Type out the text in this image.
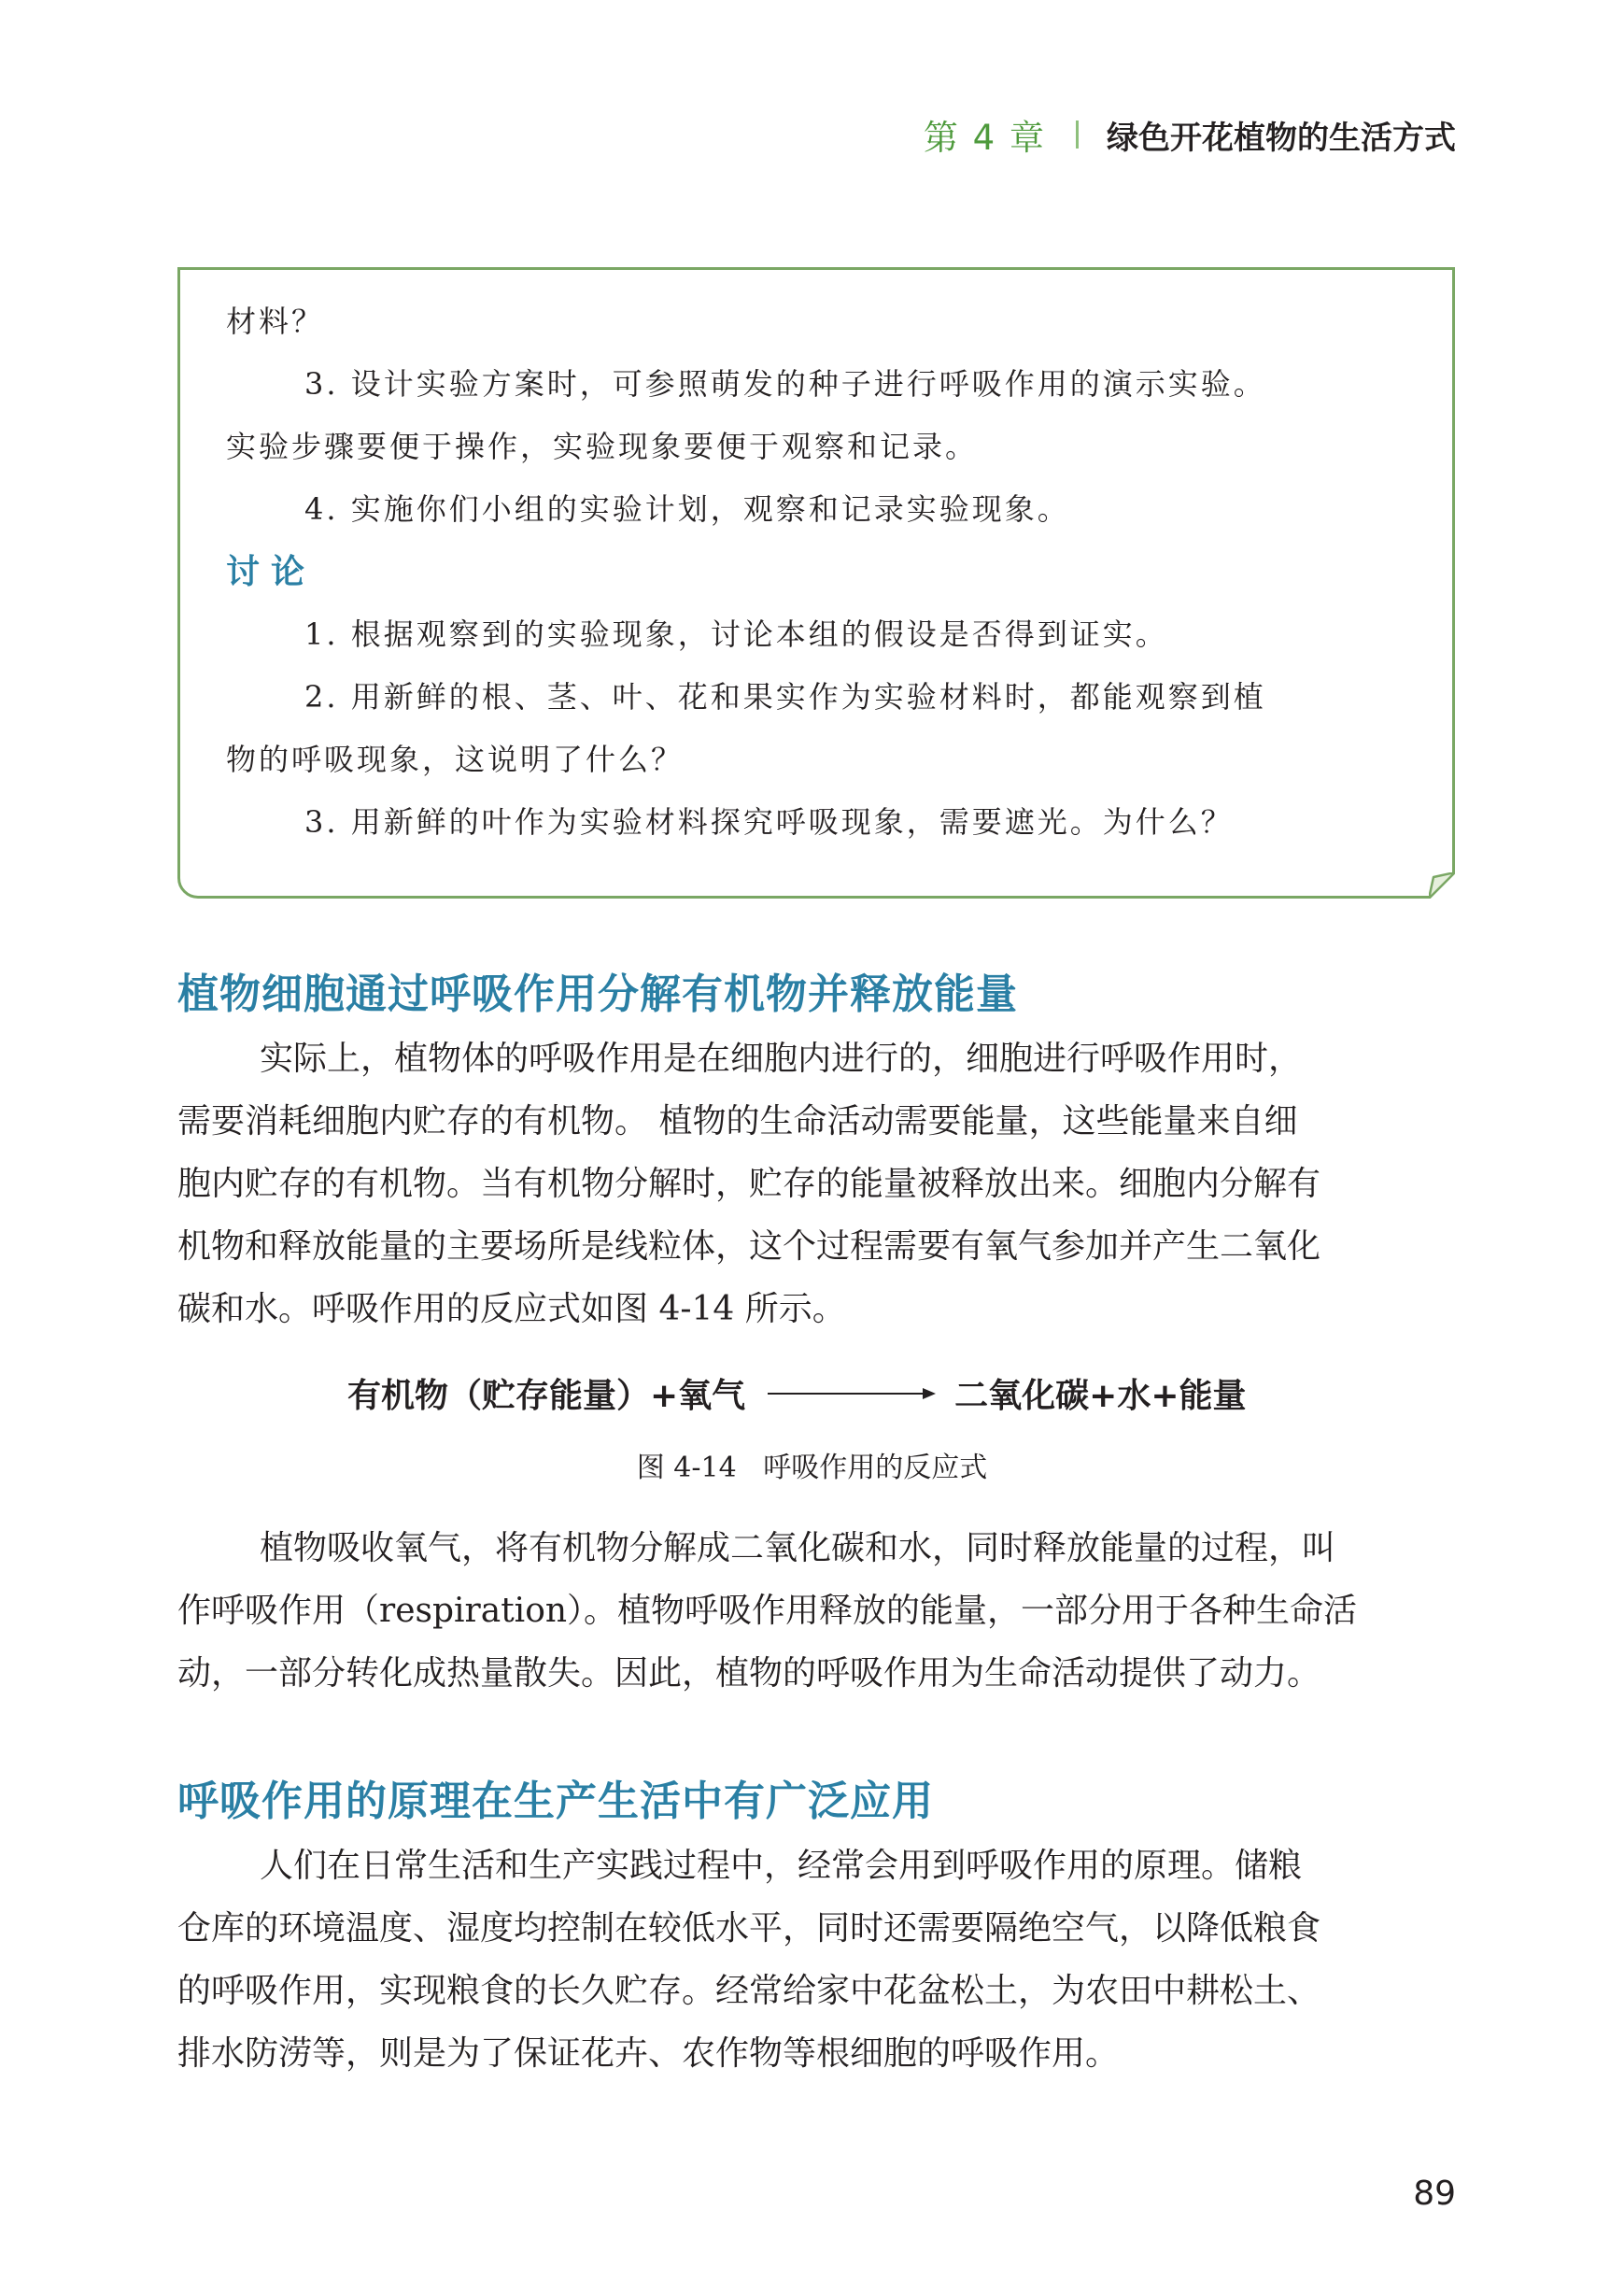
第 4 章 绿色开花植物的生活方式
材料？
3. 设计实验方案时，可参照萌发的种子进行呼吸作用的演示实验。
实验步骤要便于操作，实验现象要便于观察和记录。
4. 实施你们小组的实验计划，观察和记录实验现象。
讨论
1. 根据观察到的实验现象，讨论本组的假设是否得到证实。
2. 用新鲜的根、茎、叶、花和果实作为实验材料时，都能观察到植
物的呼吸现象，这说明了什么？
3. 用新鲜的叶作为实验材料探究呼吸现象，需要遮光。为什么？
植物细胞通过呼吸作用分解有机物并释放能量
实际上，植物体的呼吸作用是在细胞内进行的，细胞进行呼吸作用时，
需要消耗细胞内贮存的有机物。 植物的生命活动需要能量，这些能量来自细
胞内贮存的有机物。当有机物分解时，贮存的能量被释放出来。细胞内分解有
机物和释放能量的主要场所是线粒体，这个过程需要有氧气参加并产生二氧化
碳和水。呼吸作用的反应式如图 4-14 所示。
有机物（贮存能量）+氧气	二氧化碳+水+能量
图 4-14   呼吸作用的反应式
植物吸收氧气，将有机物分解成二氧化碳和水，同时释放能量的过程，叫
作呼吸作用（respiration）。植物呼吸作用释放的能量，一部分用于各种生命活
动，一部分转化成热量散失。因此，植物的呼吸作用为生命活动提供了动力。
呼吸作用的原理在生产生活中有广泛应用
人们在日常生活和生产实践过程中，经常会用到呼吸作用的原理。储粮
仓库的环境温度、湿度均控制在较低水平，同时还需要隔绝空气，以降低粮食
的呼吸作用，实现粮食的长久贮存。经常给家中花盆松土，为农田中耕松土、
排水防涝等，则是为了保证花卉、农作物等根细胞的呼吸作用。
89
